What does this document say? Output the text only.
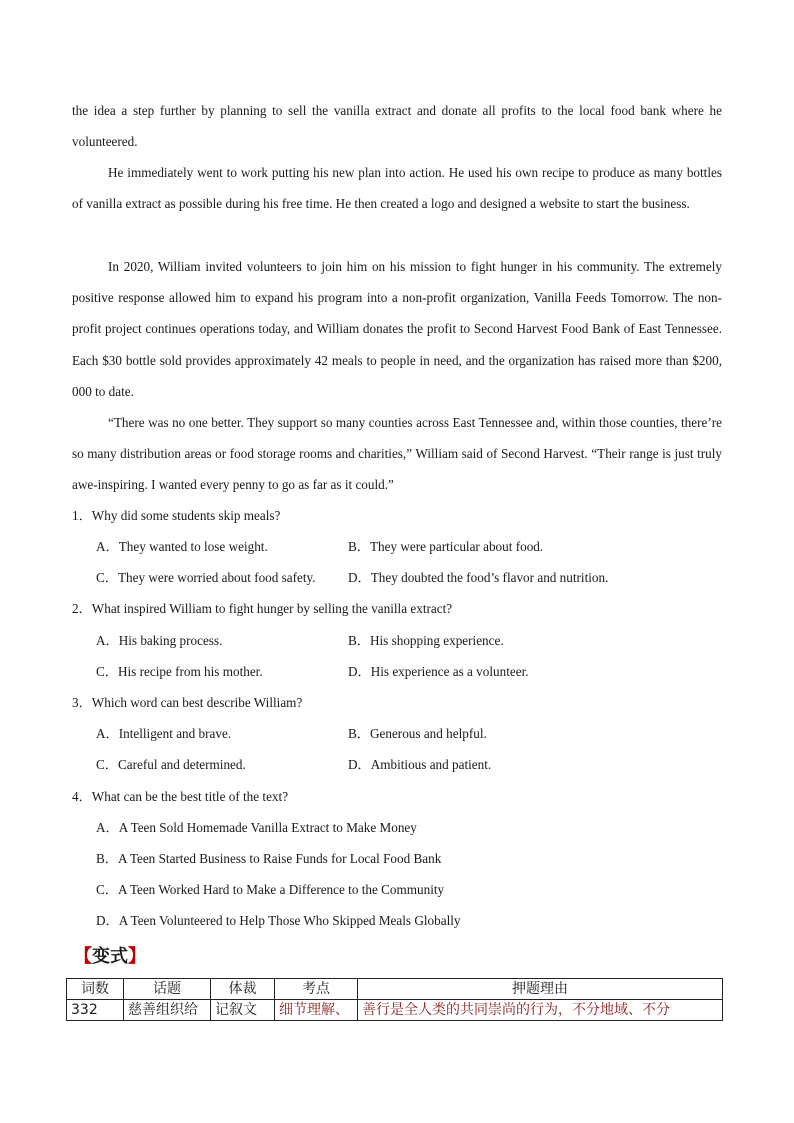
the idea a step further by planning to sell the vanilla extract and donate all profits to the local food bank where he volunteered.

He immediately went to work putting his new plan into action. He used his own recipe to produce as many bottles of vanilla extract as possible during his free time. He then created a logo and designed a website to start the business.

In 2020, William invited volunteers to join him on his mission to fight hunger in his community. The extremely positive response allowed him to expand his program into a non-profit organization, Vanilla Feeds Tomorrow. The non-profit project continues operations today, and William donates the profit to Second Harvest Food Bank of East Tennessee. Each $30 bottle sold provides approximately 42 meals to people in need, and the organization has raised more than $200, 000 to date.

“There was no one better. They support so many counties across East Tennessee and, within those counties, there’re so many distribution areas or food storage rooms and charities,” William said of Second Harvest. “Their range is just truly awe-inspiring. I wanted every penny to go as far as it could.”

1．Why did some students skip meals?
A．They wanted to lose weight.	B．They were particular about food.
C．They were worried about food safety. D．They doubted the food’s flavor and nutrition.
2．What inspired William to fight hunger by selling the vanilla extract?
A．His baking process.	B．His shopping experience.
C．His recipe from his mother.	D．His experience as a volunteer.
3．Which word can best describe William?
A．Intelligent and brave.	B．Generous and helpful.
C．Careful and determined.	D．Ambitious and patient.
4．What can be the best title of the text?
A．A Teen Sold Homemade Vanilla Extract to Make Money
B．A Teen Started Business to Raise Funds for Local Food Bank
C．A Teen Worked Hard to Make a Difference to the Community
D．A Teen Volunteered to Help Those Who Skipped Meals Globally
【变式】
词数	话题	体裁	考点	押题理由
332	慈善组织给	记叙文	细节理解、	善行是全人类的共同崇尚的行为，不分地域、不分
